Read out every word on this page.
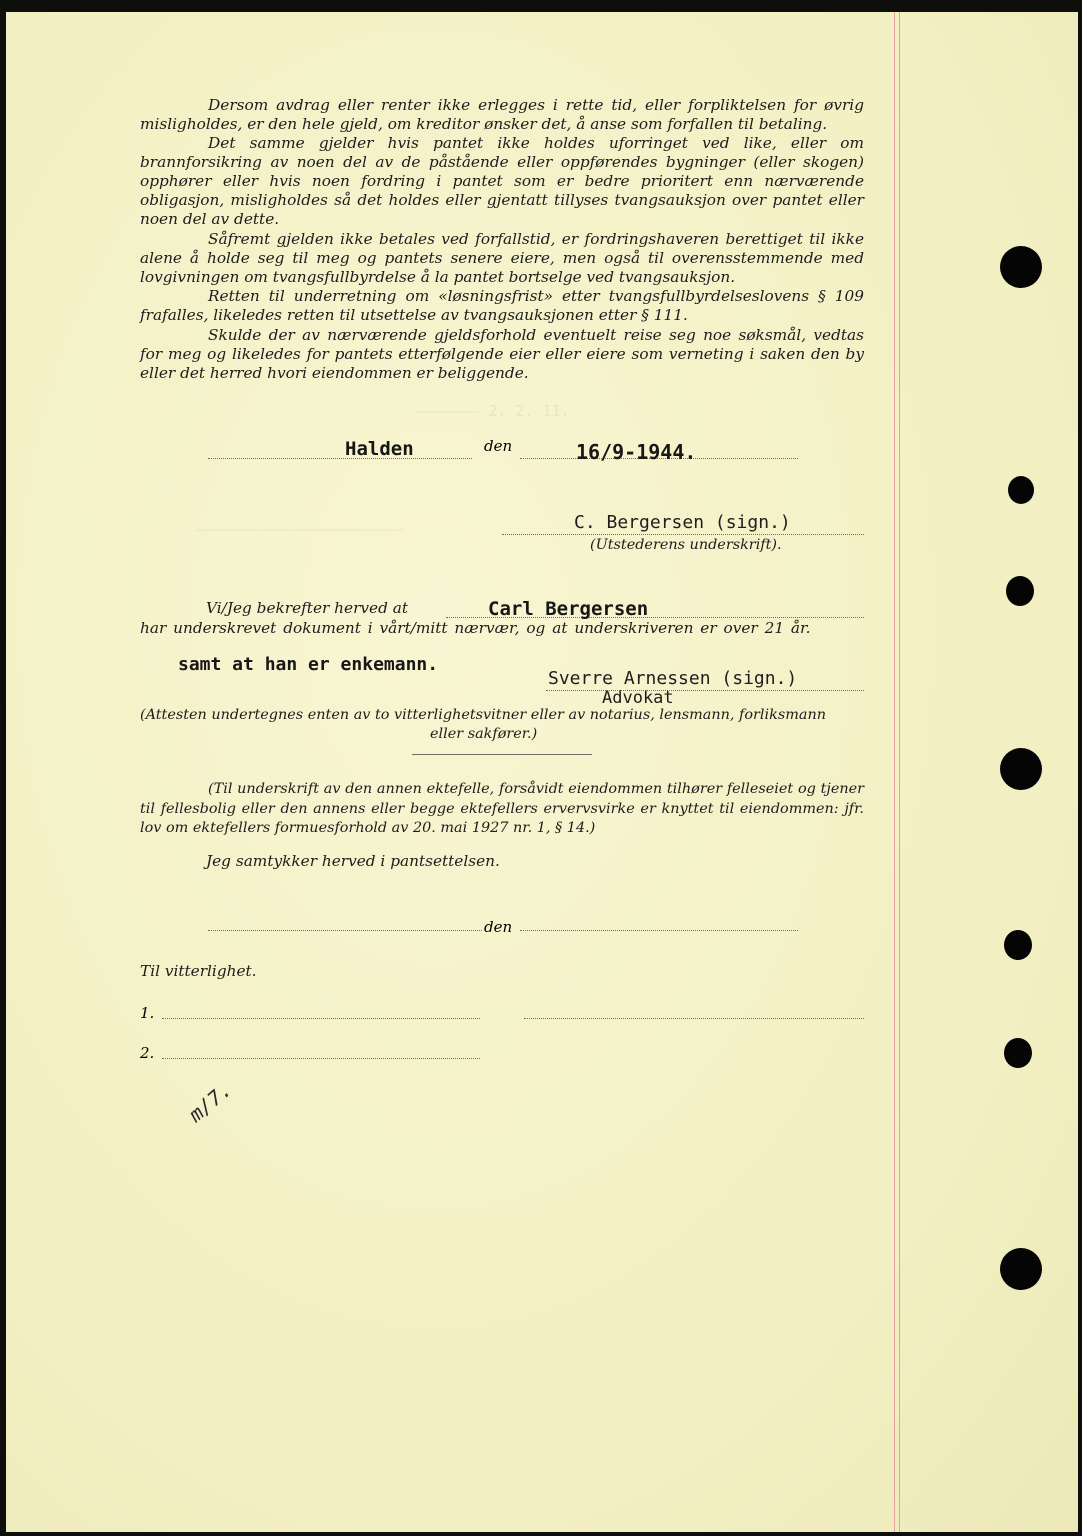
——————— 2. 2. 11.
———————————————————————

Dersom avdrag eller renter ikke erlegges i rette tid, eller forpliktelsen for øvrig misligholdes, er den hele gjeld, om kreditor ønsker det, å anse som forfallen til betaling.

Det samme gjelder hvis pantet ikke holdes uforringet ved like, eller om brannforsikring av noen del av de påstående eller oppførendes bygninger (eller skogen) opphører eller hvis noen fordring i pantet som er bedre prioritert enn nærværende obligasjon, misligholdes så det holdes eller gjentatt tillyses tvangsauksjon over pantet eller noen del av dette.

Såfremt gjelden ikke betales ved forfallstid, er fordringshaveren berettiget til ikke alene å holde seg til meg og pantets senere eiere, men også til overensstemmende med lovgivningen om tvangsfullbyrdelse å la pantet bortselge ved tvangsauksjon.

Retten til underretning om «løsningsfrist» etter tvangsfullbyrdelseslovens § 109 frafalles, likeledes retten til utsettelse av tvangsauksjonen etter § 111.

Skulde der av nærværende gjeldsforhold eventuelt reise seg noe søksmål, vedtas for meg og likeledes for pantets etterfølgende eier eller eiere som verneting i saken den by eller det herred hvori eiendommen er beliggende.

Halden	den	16/9-1944.
C. Bergersen (sign.)
(Utstederens underskrift).
Vi/Jeg bekrefter herved at	Carl Bergersen
har underskrevet dokument i vårt/mitt nærvær, og at underskriveren er over 21 år.
samt at han er enkemann.
Sverre Arnessen (sign.)
Advokat
(Attesten undertegnes enten av to vitterlighetsvitner eller av notarius, lensmann, forliksmann
eller sakfører.)

(Til underskrift av den annen ektefelle, forsåvidt eiendommen tilhører felleseiet og tjener til fellesbolig eller den annens eller begge ektefellers ervervsvirke er knyttet til eiendommen: jfr. lov om ektefellers formuesforhold av 20. mai 1927 nr. 1, § 14.)

Jeg samtykker herved i pantsettelsen.
den
Til vitterlighet.
1.
2.
m/7.
